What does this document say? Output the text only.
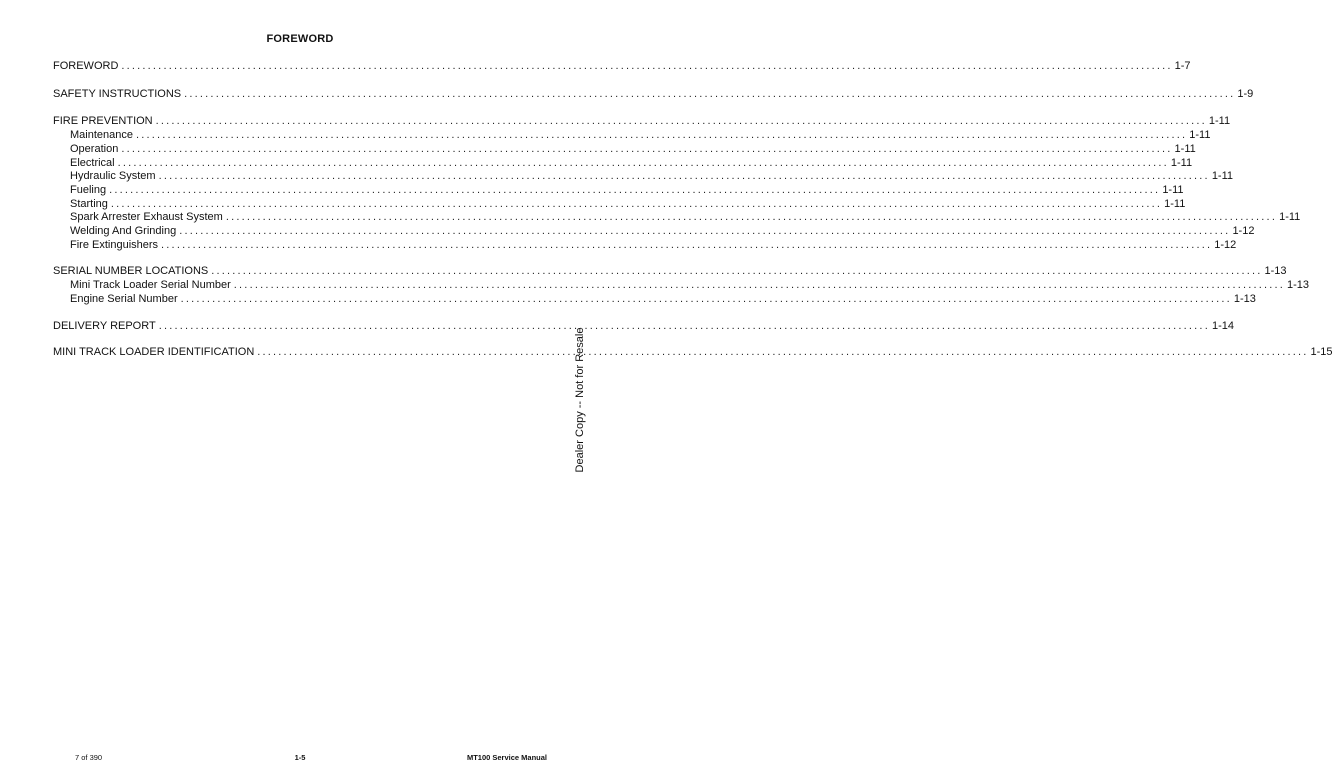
FOREWORD
FOREWORD ........................................................................................................................................................................................................ 1-7
SAFETY INSTRUCTIONS ........................................................................................................................................................................................................ 1-9
FIRE PREVENTION ........................................................................................................................................................................................................ 1-11
Maintenance ........................................................................................................................................................................................................ 1-11
Operation ........................................................................................................................................................................................................ 1-11
Electrical ........................................................................................................................................................................................................ 1-11
Hydraulic System ........................................................................................................................................................................................................ 1-11
Fueling ........................................................................................................................................................................................................ 1-11
Starting ........................................................................................................................................................................................................ 1-11
Spark Arrester Exhaust System ........................................................................................................................................................................................................ 1-11
Welding And Grinding ........................................................................................................................................................................................................ 1-12
Fire Extinguishers ........................................................................................................................................................................................................ 1-12
SERIAL NUMBER LOCATIONS ........................................................................................................................................................................................................ 1-13
Mini Track Loader Serial Number ........................................................................................................................................................................................................ 1-13
Engine Serial Number ........................................................................................................................................................................................................ 1-13
DELIVERY REPORT ........................................................................................................................................................................................................ 1-14
MINI TRACK LOADER IDENTIFICATION ........................................................................................................................................................................................................ 1-15
Dealer Copy -- Not for Resale
7 of 390	1-5	MT100 Service Manual
